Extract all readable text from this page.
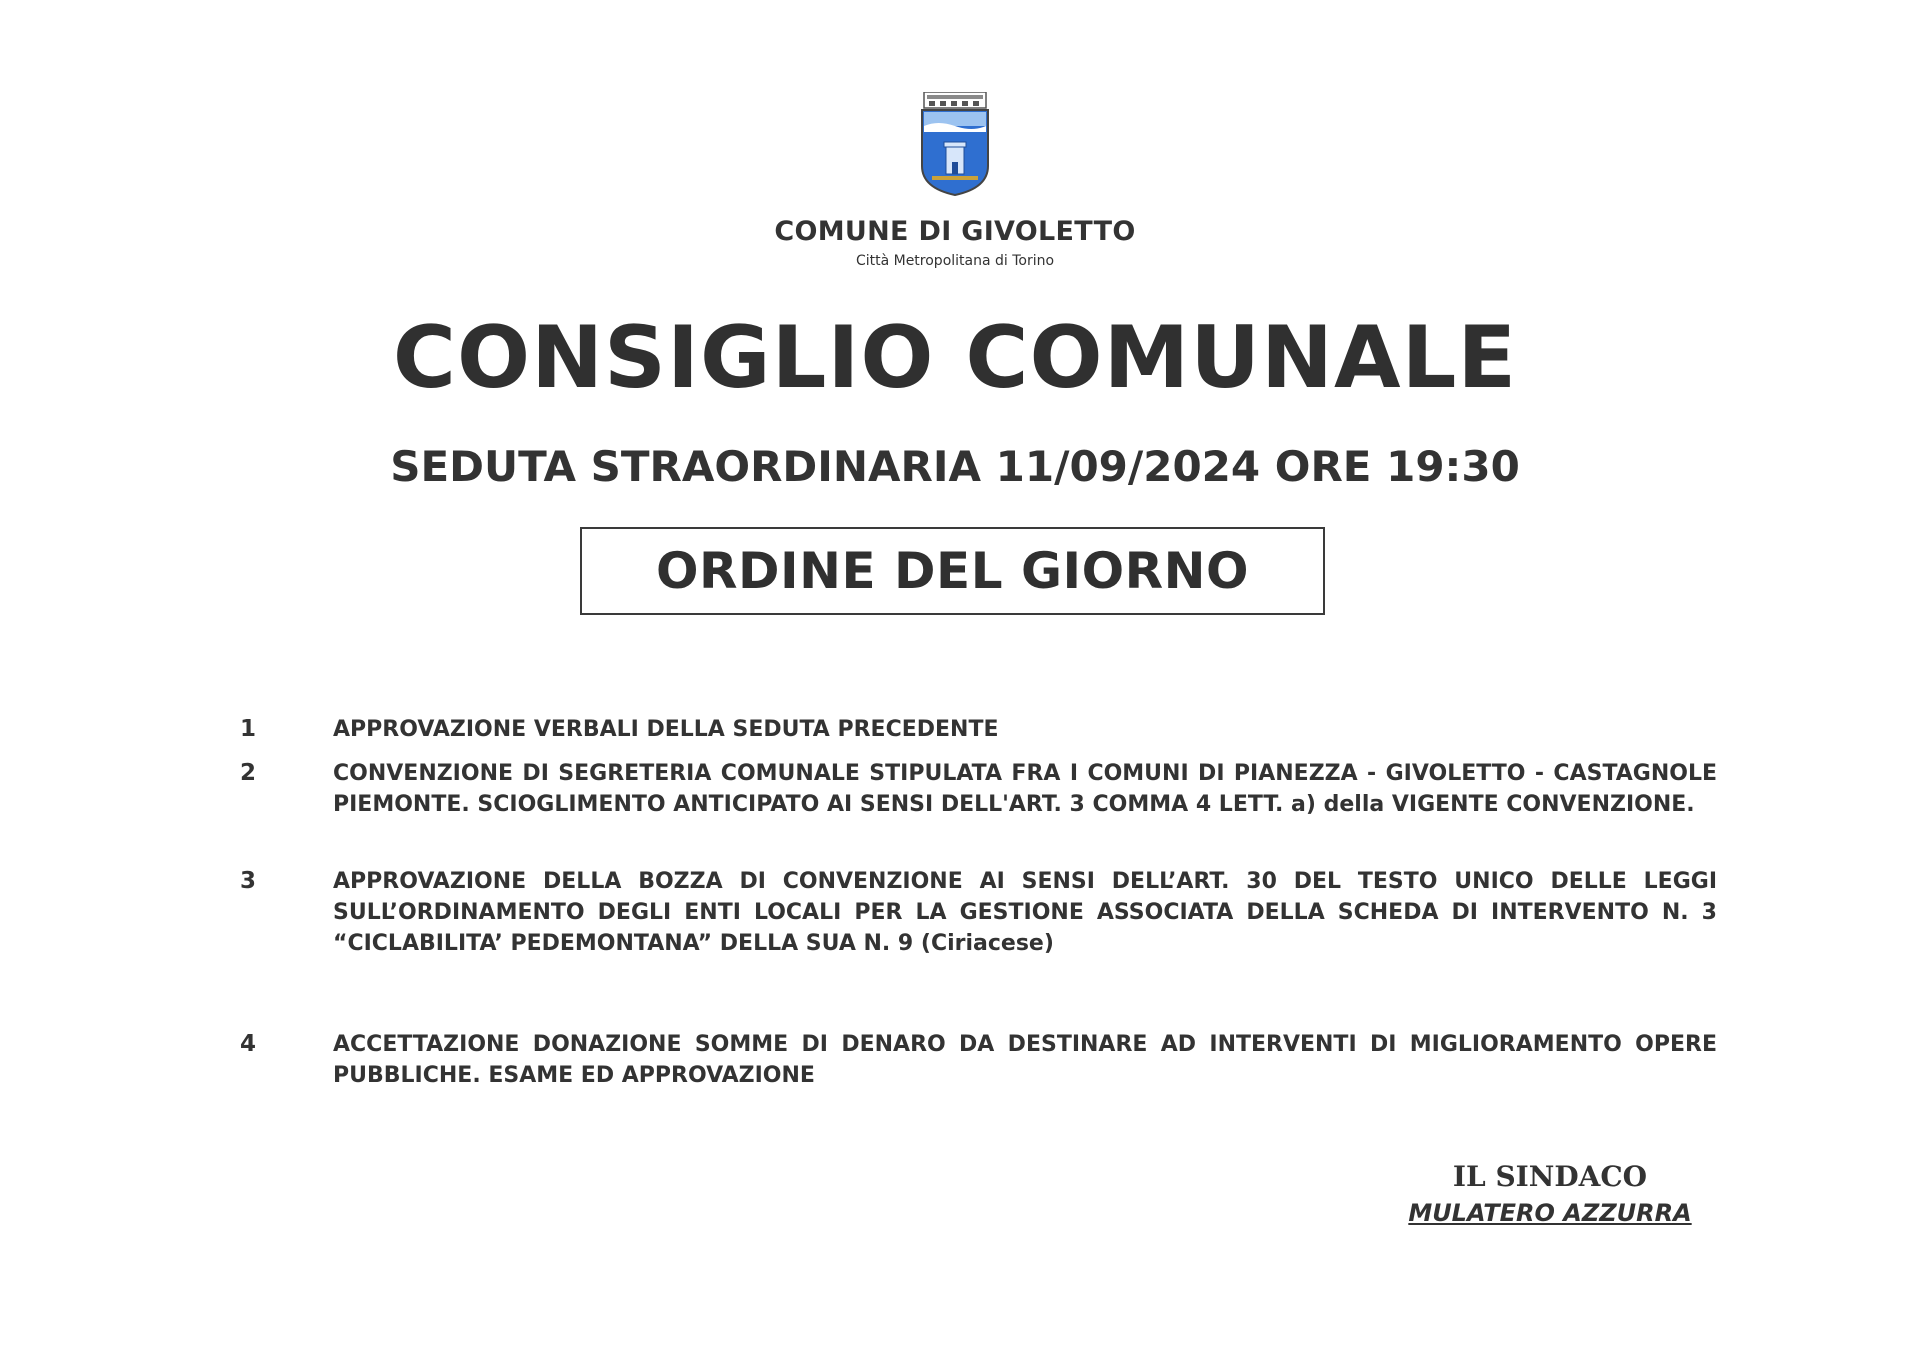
COMUNE DI GIVOLETTO
Città Metropolitana di Torino
CONSIGLIO COMUNALE
SEDUTA STRAORDINARIA 11/09/2024 ORE 19:30
ORDINE DEL GIORNO
1	APPROVAZIONE VERBALI DELLA SEDUTA PRECEDENTE
2	CONVENZIONE DI SEGRETERIA COMUNALE STIPULATA FRA I COMUNI DI PIANEZZA - GIVOLETTO - CASTAGNOLE PIEMONTE. SCIOGLIMENTO ANTICIPATO AI SENSI DELL'ART. 3 COMMA 4 LETT. a) della VIGENTE CONVENZIONE.
3	APPROVAZIONE DELLA BOZZA DI CONVENZIONE AI SENSI DELL’ART. 30 DEL TESTO UNICO DELLE LEGGI SULL’ORDINAMENTO DEGLI ENTI LOCALI PER LA GESTIONE ASSOCIATA DELLA SCHEDA DI INTERVENTO N. 3 “CICLABILITA’ PEDEMONTANA” DELLA SUA N. 9 (Ciriacese)
4	ACCETTAZIONE DONAZIONE SOMME DI DENARO DA DESTINARE AD INTERVENTI DI MIGLIORAMENTO OPERE PUBBLICHE. ESAME ED APPROVAZIONE
IL SINDACO
MULATERO AZZURRA
